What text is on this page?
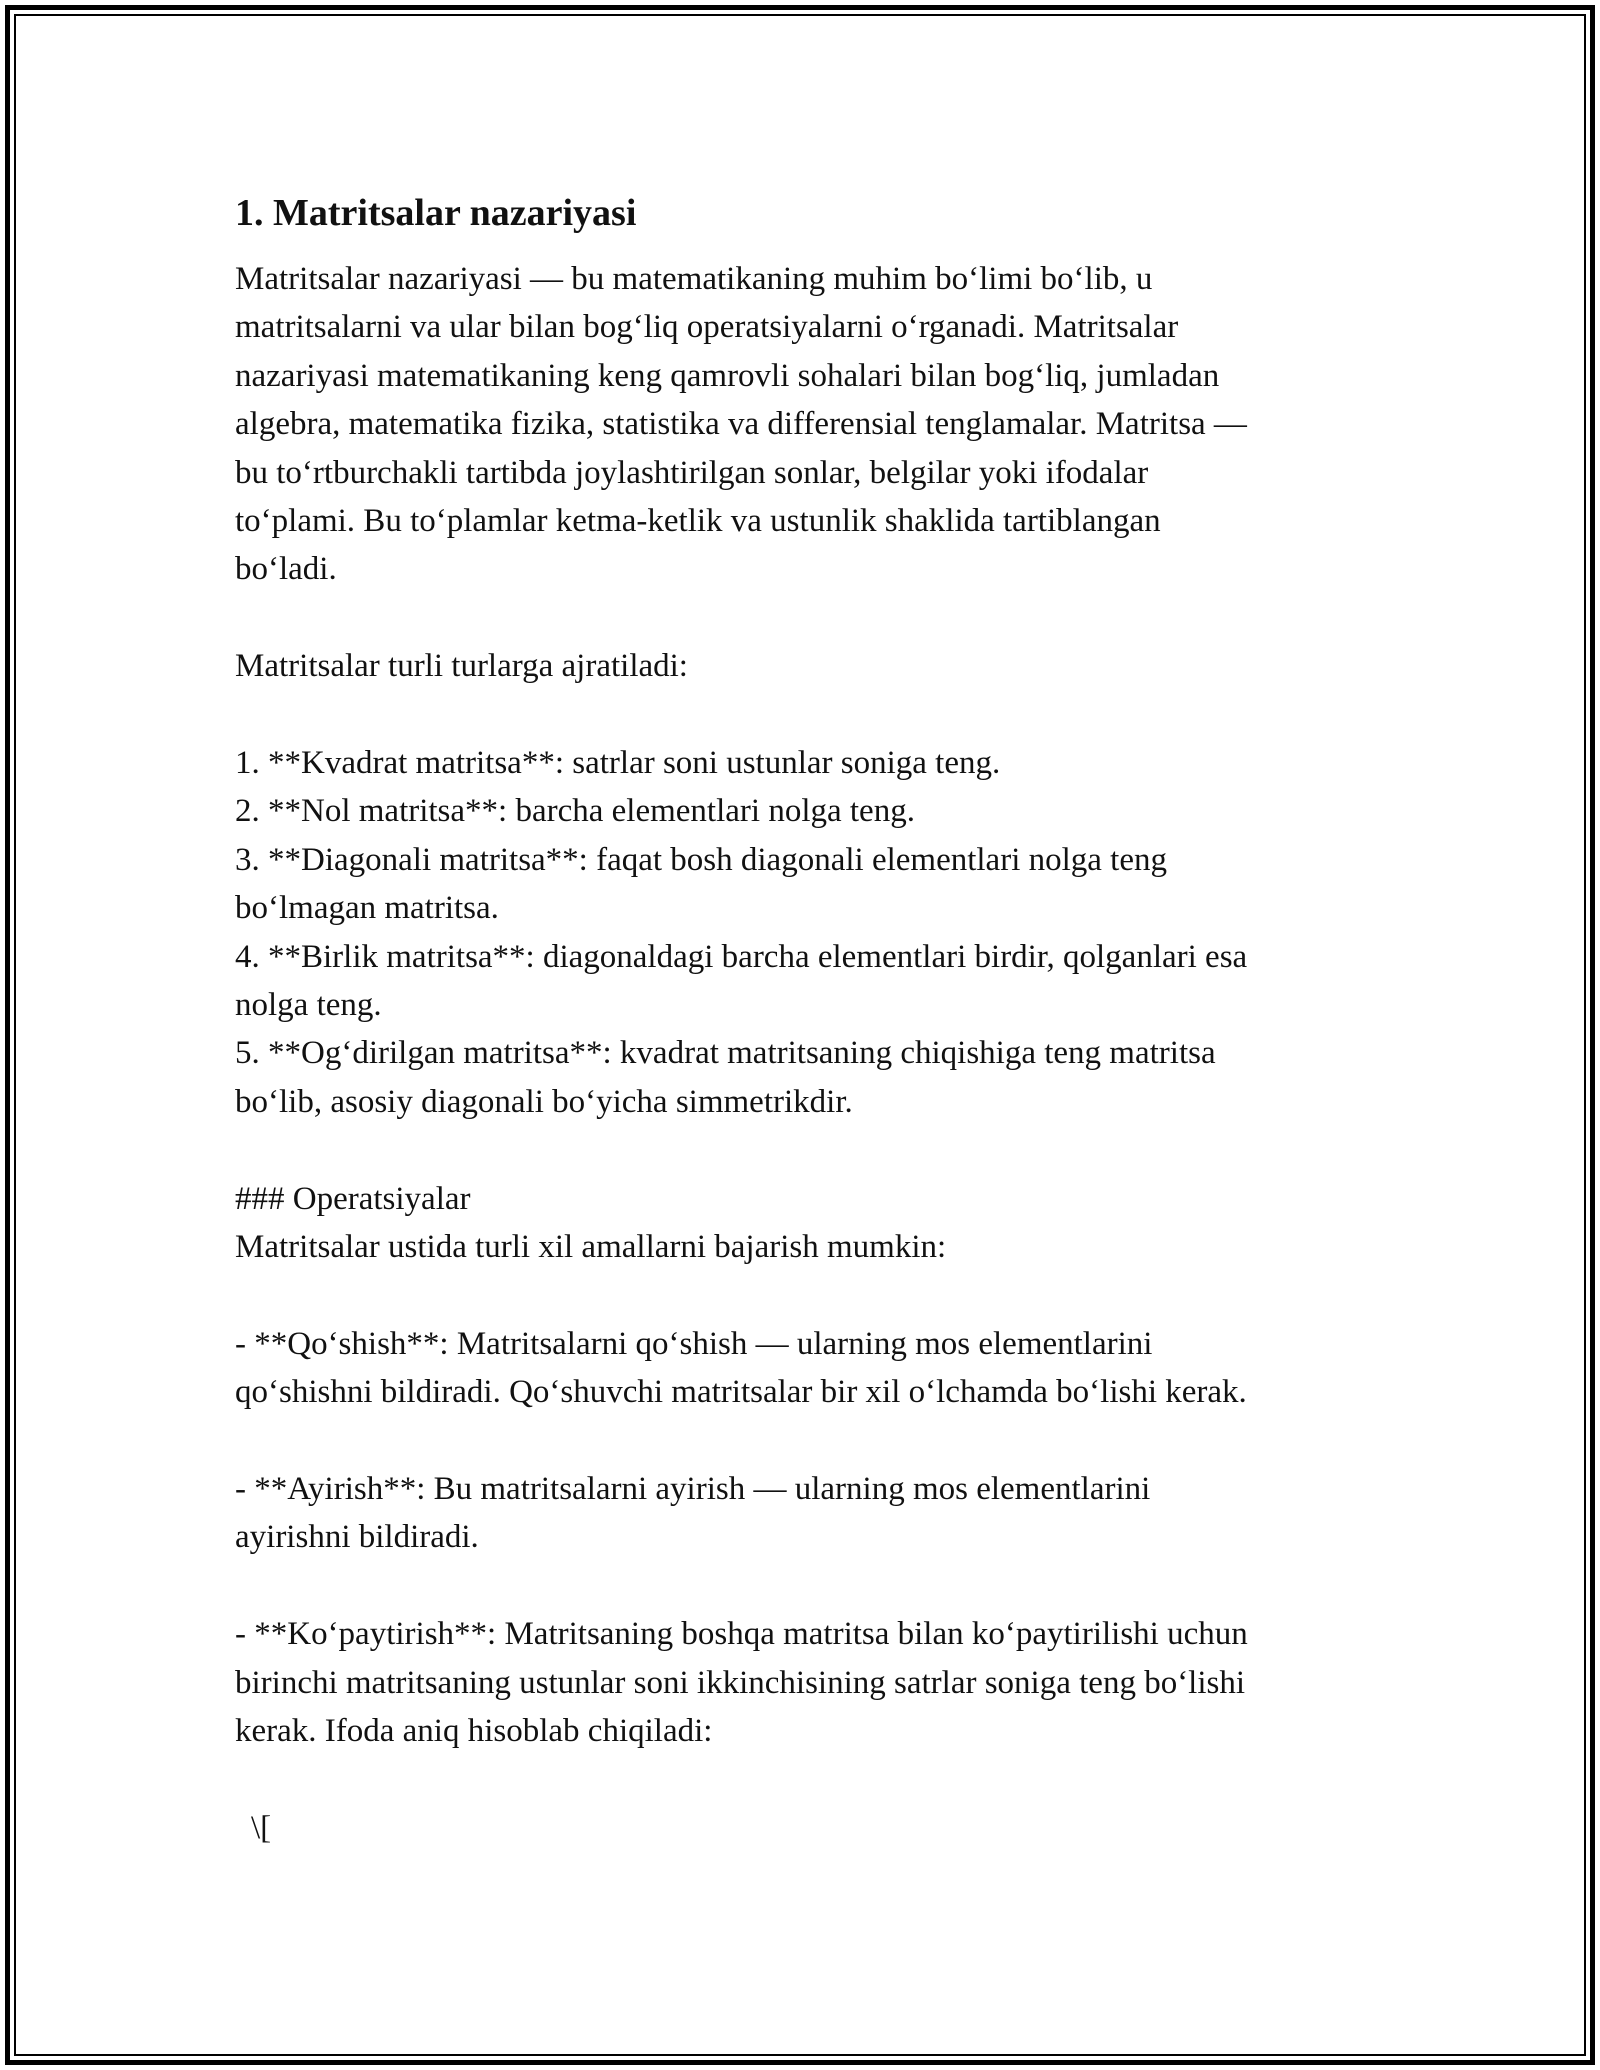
1. Matritsalar nazariyasi

Matritsalar nazariyasi — bu matematikaning muhim bo‘limi bo‘lib, u
matritsalarni va ular bilan bog‘liq operatsiyalarni o‘rganadi. Matritsalar
nazariyasi matematikaning keng qamrovli sohalari bilan bog‘liq, jumladan
algebra, matematika fizika, statistika va differensial tenglamalar. Matritsa —
bu to‘rtburchakli tartibda joylashtirilgan sonlar, belgilar yoki ifodalar
to‘plami. Bu to‘plamlar ketma-ketlik va ustunlik shaklida tartiblangan
bo‘ladi.
Matritsalar turli turlarga ajratiladi:
1. **Kvadrat matritsa**: satrlar soni ustunlar soniga teng.
2. **Nol matritsa**: barcha elementlari nolga teng.
3. **Diagonali matritsa**: faqat bosh diagonali elementlari nolga teng
bo‘lmagan matritsa.
4. **Birlik matritsa**: diagonaldagi barcha elementlari birdir, qolganlari esa
nolga teng.
5. **Og‘dirilgan matritsa**: kvadrat matritsaning chiqishiga teng matritsa
bo‘lib, asosiy diagonali bo‘yicha simmetrikdir.
### Operatsiyalar
Matritsalar ustida turli xil amallarni bajarish mumkin:
- **Qo‘shish**: Matritsalarni qo‘shish — ularning mos elementlarini
qo‘shishni bildiradi. Qo‘shuvchi matritsalar bir xil o‘lchamda bo‘lishi kerak.
- **Ayirish**: Bu matritsalarni ayirish — ularning mos elementlarini
ayirishni bildiradi.
- **Ko‘paytirish**: Matritsaning boshqa matritsa bilan ko‘paytirilishi uchun
birinchi matritsaning ustunlar soni ikkinchisining satrlar soniga teng bo‘lishi
kerak. Ifoda aniq hisoblab chiqiladi:
\[
